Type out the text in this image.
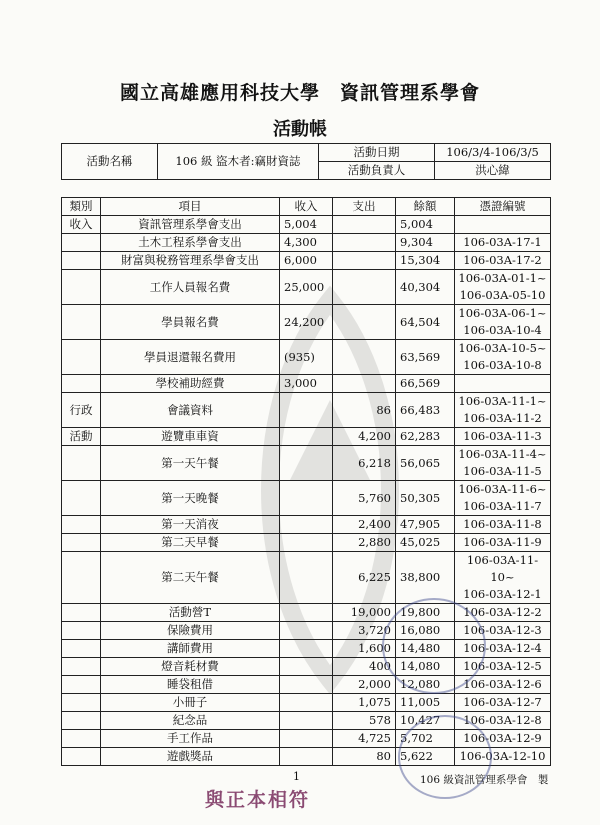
國立高雄應用科技大學　資訊管理系學會
活動帳
活動名稱	106 級 盜木者:竊財資誌	活動日期	106/3/4-106/3/5
		活動負責人	洪心緯
類別	項目	收入	支出	餘額	憑證編號
收入	資訊管理系學會支出	5,004		5,004	
	土木工程系學會支出	4,300		9,304	106-03A-17-1

	財富與稅務管理系學會支出	6,000		15,304	106-03A-17-2

	工作人員報名費	25,000		40,304	106-03A-01-1~
106-03A-05-10

	學員報名費	24,200		64,504	106-03A-06-1~
106-03A-10-4

	學員退還報名費用	(935)		63,569	106-03A-10-5~
106-03A-10-8

	學校補助經費	3,000		66,569	
行政	會議資料		86	66,483	106-03A-11-1~
106-03A-11-2

活動	遊覽車車資		4,200	62,283	106-03A-11-3

	第一天午餐		6,218	56,065	106-03A-11-4~
106-03A-11-5

	第一天晚餐		5,760	50,305	106-03A-11-6~
106-03A-11-7

	第一天消夜		2,400	47,905	106-03A-11-8

	第二天早餐		2,880	45,025	106-03A-11-9

	第二天午餐		6,225	38,800	106-03A-11-10~
106-03A-12-1

	活動營T		19,000	19,800	106-03A-12-2

	保險費用		3,720	16,080	106-03A-12-3

	講師費用		1,600	14,480	106-03A-12-4

	燈音耗材費		400	14,080	106-03A-12-5

	睡袋租借		2,000	12,080	106-03A-12-6

	小冊子		1,075	11,005	106-03A-12-7

	紀念品		578	10,427	106-03A-12-8

	手工作品		4,725	5,702	106-03A-12-9

	遊戲獎品		80	5,622	106-03A-12-10
1	106 級資訊管理系學會　製
與正本相符
